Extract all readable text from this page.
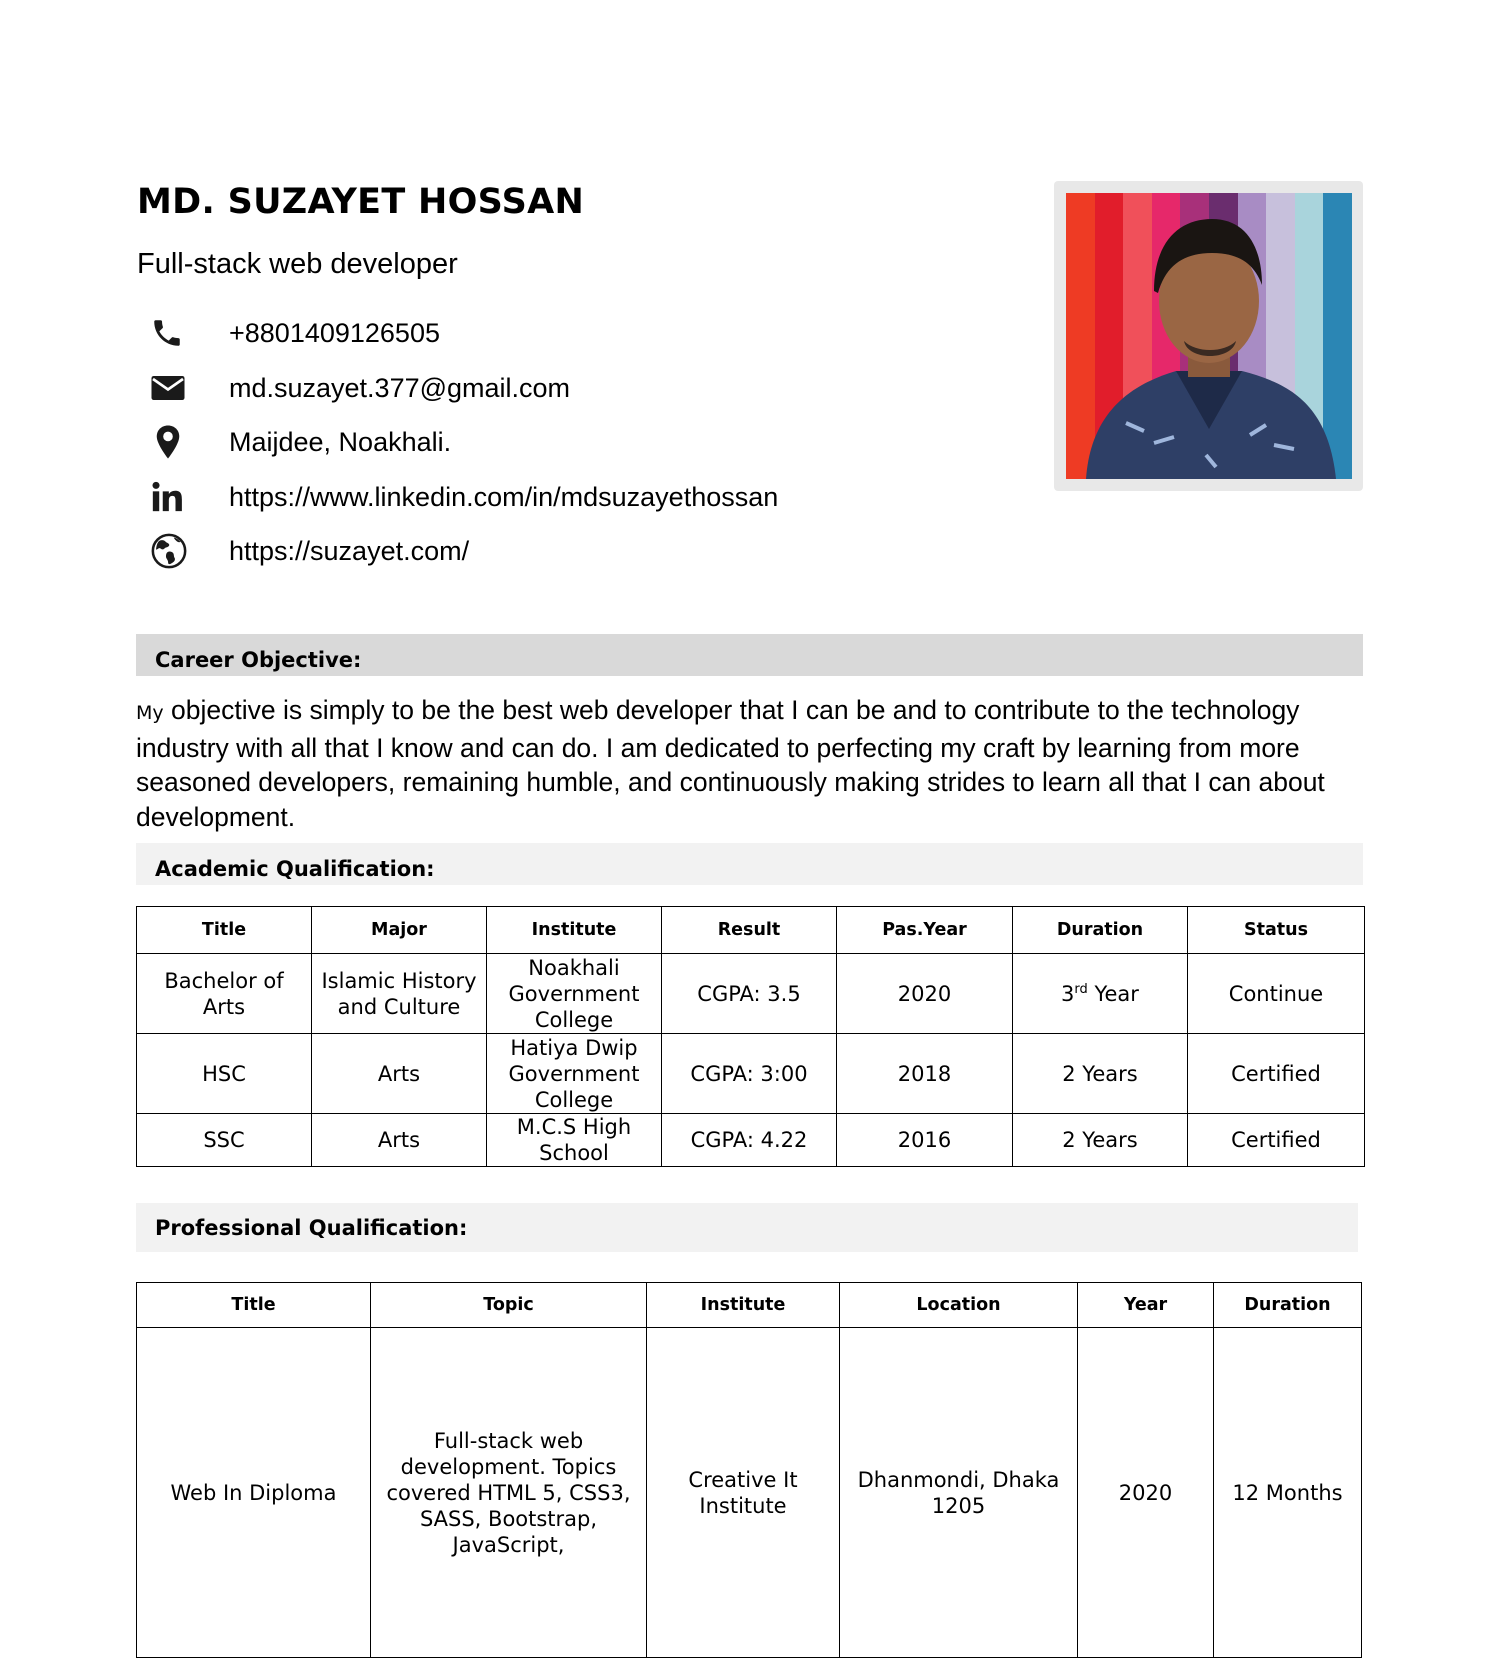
MD. SUZAYET HOSSAN
Full-stack web developer
+8801409126505
md.suzayet.377@gmail.com
Maijdee, Noakhali.
https://www.linkedin.com/in/mdsuzayethossan
https://suzayet.com/
Career Objective:

My objective is simply to be the best web developer that I can be and to contribute to the technology industry with all that I know and can do. I am dedicated to perfecting my craft by learning from more seasoned developers, remaining humble, and continuously making strides to learn all that I can about development.

Academic Qualification:
Title	Major	Institute	Result	Pas.Year	Duration	Status
Bachelor of Arts	Islamic History and Culture	Noakhali Government College	CGPA: 3.5	2020	3rd Year	Continue
HSC	Arts	Hatiya Dwip Government College	CGPA: 3:00	2018	2 Years	Certified
SSC	Arts	M.C.S High School	CGPA: 4.22	2016	2 Years	Certified
Professional Qualification:
Title	Topic	Institute	Location	Year	Duration
Web In Diploma	Full-stack web development. Topics covered HTML 5, CSS3, SASS, Bootstrap, JavaScript,	Creative It Institute	Dhanmondi, Dhaka 1205	2020	12 Months
